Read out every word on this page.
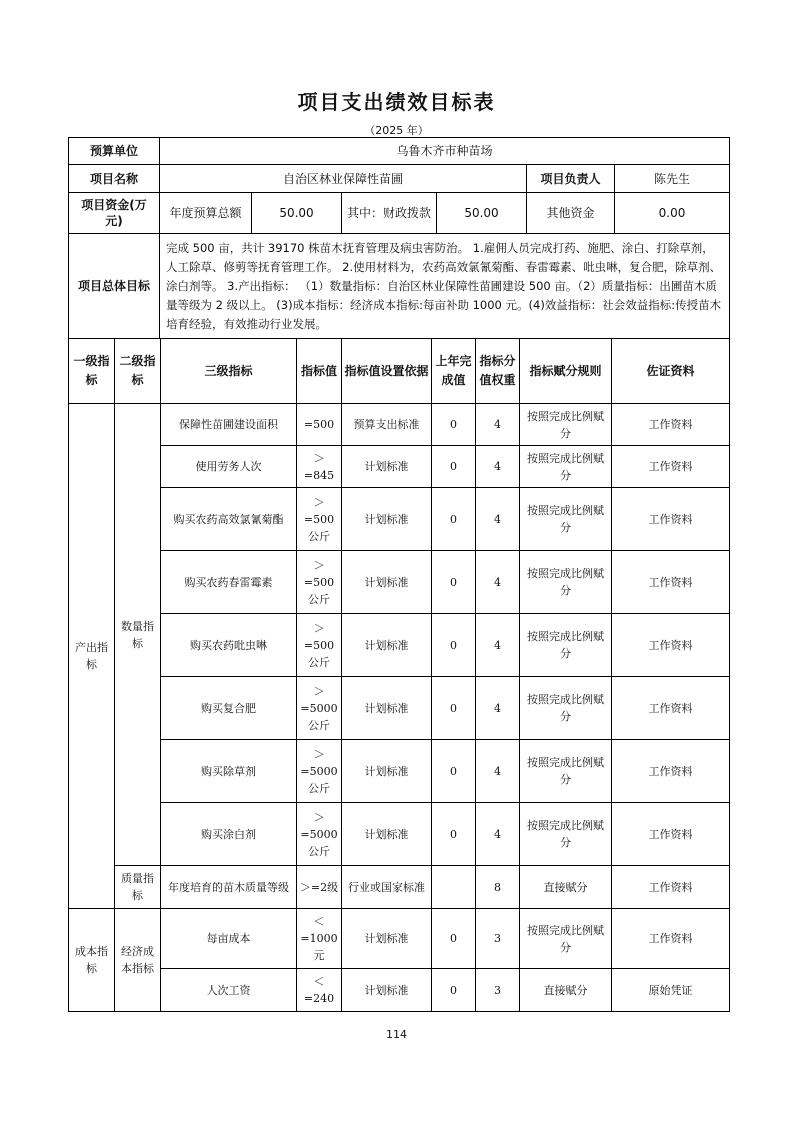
项目支出绩效目标表
（2025 年）
预算单位	乌鲁木齐市种苗场					
项目名称	自治区林业保障性苗圃				项目负责人	陈先生
项目资金(万元)	年度预算总额	50.00	其中：财政拨款	50.00	其他资金	0.00
项目总体目标	完成 500 亩，共计 39170 株苗木抚育管理及病虫害防治。 1.雇佣人员完成打药、施肥、涂白、打除草剂，人工除草、修剪等抚育管理工作。 2.使用材料为，农药高效氯氰菊酯、春雷霉素、吡虫啉，复合肥，除草剂、涂白剂等。 3.产出指标： （1）数量指标：自治区林业保障性苗圃建设 500 亩。（2）质量指标：出圃苗木质量等级为 2 级以上。 (3)成本指标：经济成本指标:每亩补助 1000 元。(4)效益指标：社会效益指标:传授苗木培育经验，有效推动行业发展。					
一级指标	二级指标	三级指标	指标值	指标值设置依据	上年完成值	指标分值权重	指标赋分规则	佐证资料
产出指标	数量指标	保障性苗圃建设面积	=500	预算支出标准	0	4	按照完成比例赋分	工作资料
		使用劳务人次	＞=845	计划标准	0	4	按照完成比例赋分	工作资料
		购买农药高效氯氰菊酯	＞=500公斤	计划标准	0	4	按照完成比例赋分	工作资料
		购买农药春雷霉素	＞=500公斤	计划标准	0	4	按照完成比例赋分	工作资料
		购买农药吡虫啉	＞=500公斤	计划标准	0	4	按照完成比例赋分	工作资料
		购买复合肥	＞=5000公斤	计划标准	0	4	按照完成比例赋分	工作资料
		购买除草剂	＞=5000公斤	计划标准	0	4	按照完成比例赋分	工作资料
		购买涂白剂	＞=5000公斤	计划标准	0	4	按照完成比例赋分	工作资料
	质量指标	年度培育的苗木质量等级	＞=2级	行业或国家标准		8	直接赋分	工作资料
成本指标	经济成本指标	每亩成本	＜=1000元	计划标准	0	3	按照完成比例赋分	工作资料
		人次工资	＜=240	计划标准	0	3	直接赋分	原始凭证
114
